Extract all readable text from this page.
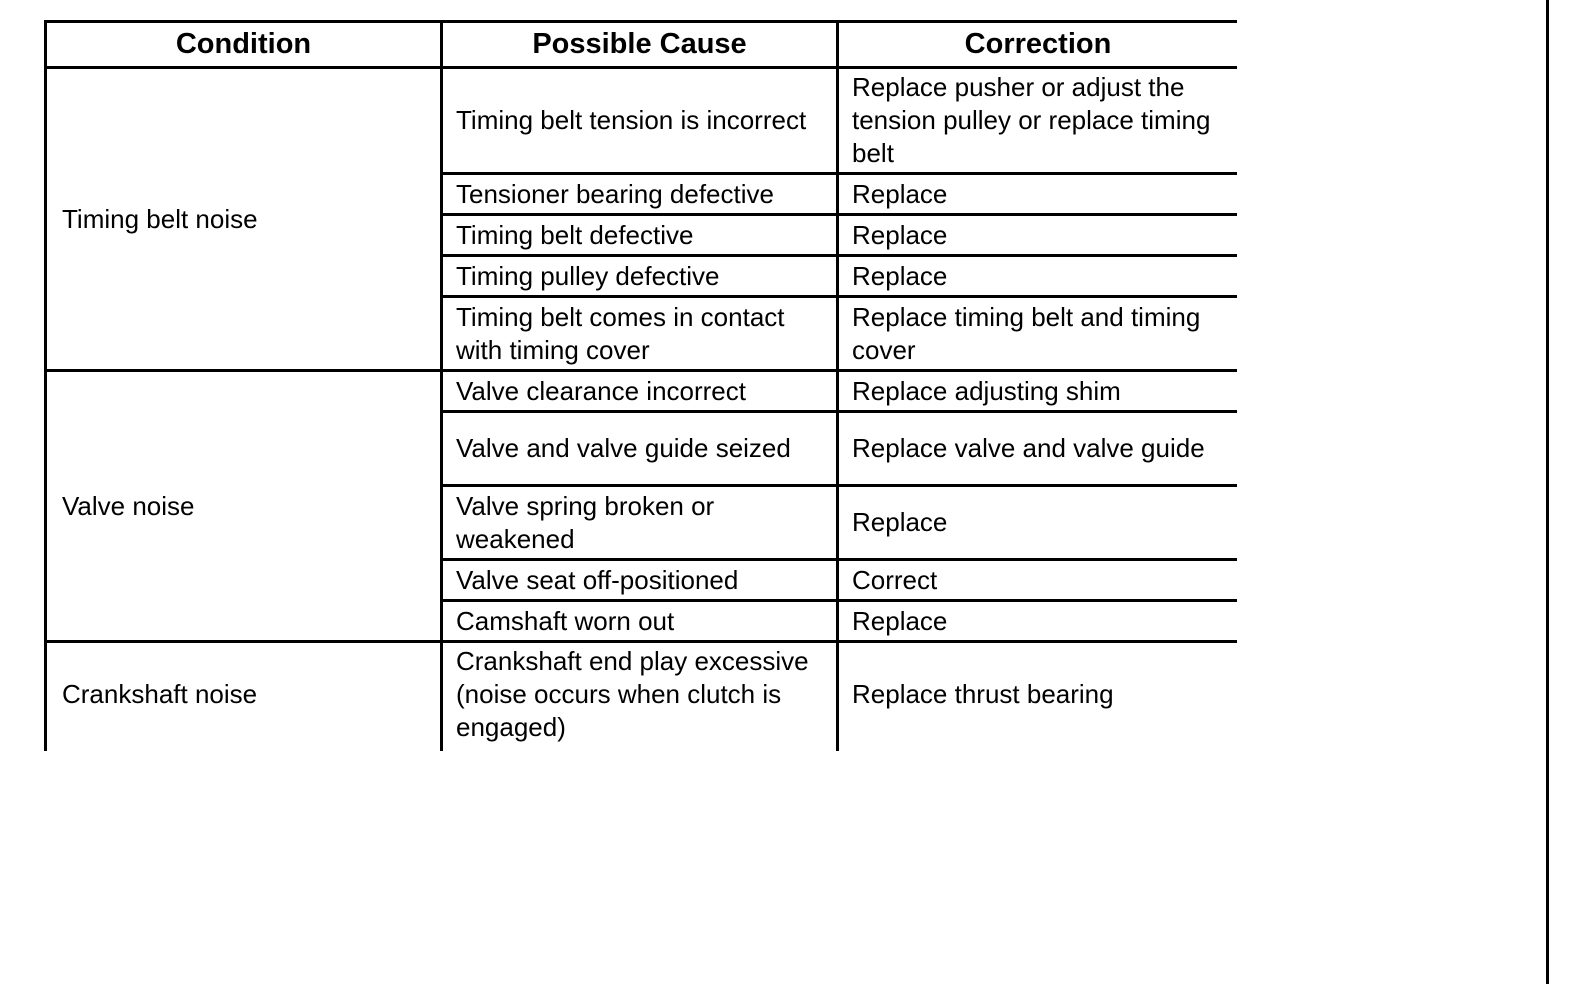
Condition	Possible Cause	Correction
Timing belt noise	Timing belt tension is incorrect	Replace pusher or adjust the tension pulley or replace timing belt
	Tensioner bearing defective	Replace
	Timing belt defective	Replace
	Timing pulley defective	Replace
	Timing belt comes in contact with timing cover	Replace timing belt and timing cover
Valve noise	Valve clearance incorrect	Replace adjusting shim
	Valve and valve guide seized	Replace valve and valve guide
	Valve spring broken or weakened	Replace
	Valve seat off-positioned	Correct
	Camshaft worn out	Replace
Crankshaft noise	Crankshaft end play excessive (noise occurs when clutch is engaged)	Replace thrust bearing
